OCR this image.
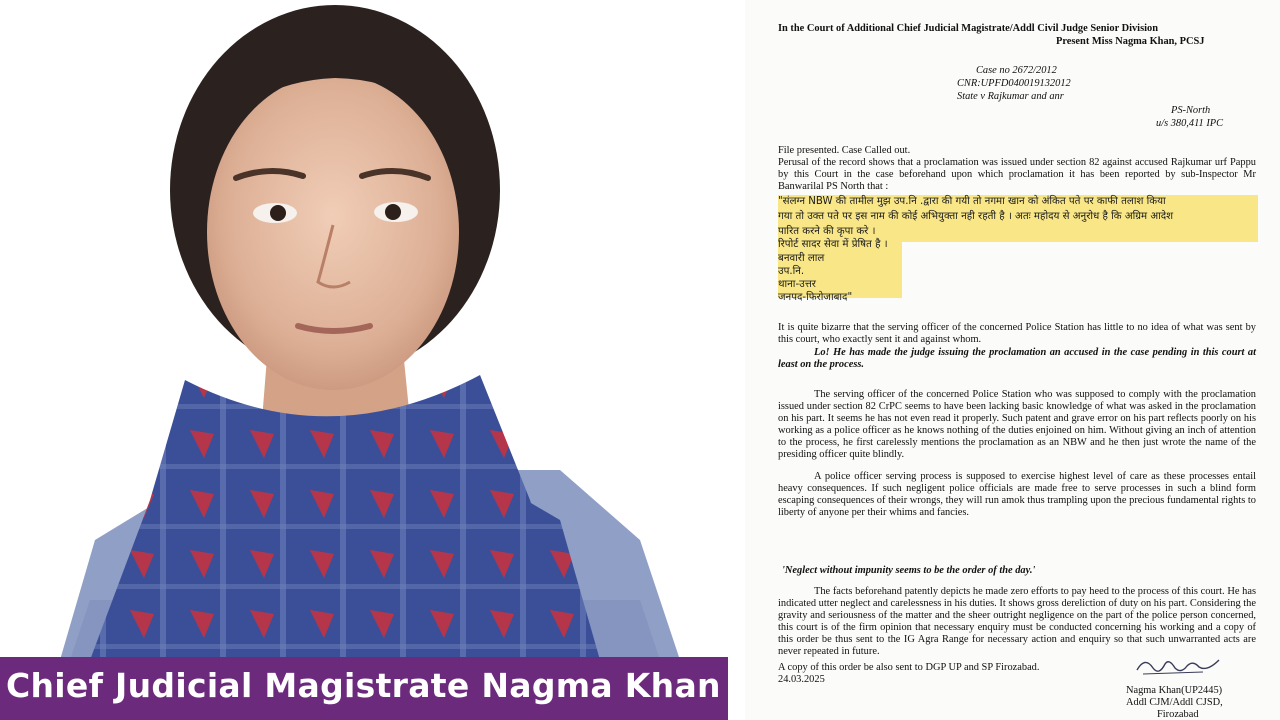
Chief Judicial Magistrate Nagma Khan
In the Court of Additional Chief Judicial Magistrate/Addl Civil Judge Senior Division
Present Miss Nagma Khan, PCSJ
Case no 2672/2012
CNR:UPFD040019132012
State v Rajkumar and anr
PS-North
u/s 380,411 IPC
File presented. Case Called out.
Perusal of the record shows that a proclamation was issued under section 82 against accused Rajkumar urf Pappu by this Court in the case beforehand upon which proclamation it has been reported by sub-Inspector Mr Banwarilal PS North that :
"संलग्न NBW की तामील मुझ उप.नि .द्वारा की गयी तो नगमा खान को अंकित पते पर काफी तलाश किया
गया तो उक्त पते पर इस नाम की कोई अभियुक्ता नही रहती है । अतः महोदय से अनुरोध है कि अग्रिम आदेश
पारित करने की कृपा करे ।
रिपोर्ट सादर सेवा में प्रेषित है ।
बनवारी लाल
उप.नि.
थाना-उत्तर
जनपद-फिरोजाबाद"
It is quite bizarre that the serving officer of the concerned Police Station has little to no idea of what was sent by this court, who exactly sent it and against whom.
Lo! He has made the judge issuing the proclamation an accused in the case pending in this court at least on the process.
The serving officer of the concerned Police Station who was supposed to comply with the proclamation issued under section 82 CrPC seems to have been lacking basic knowledge of what was asked in the proclamation on his part. It seems he has not even read it properly. Such patent and grave error on his part reflects poorly on his working as a police officer as he knows nothing of the duties enjoined on him. Without giving an inch of attention to the process, he first carelessly mentions the proclamation as an NBW and he then just wrote the name of the presiding officer quite blindly.
A police officer serving process is supposed to exercise highest level of care as these processes entail heavy consequences. If such negligent police officials are made free to serve processes in such a blind form escaping consequences of their wrongs, they will run amok thus trampling upon the precious fundamental rights to liberty of anyone per their whims and fancies.
'Neglect without impunity seems to be the order of the day.'
The facts beforehand patently depicts he made zero efforts to pay heed to the process of this court. He has indicated utter neglect and carelessness in his duties. It shows gross dereliction of duty on his part. Considering the gravity and seriousness of the matter and the sheer outright negligence on the part of the police person concerned, this court is of the firm opinion that necessary enquiry must be conducted concerning his working and a copy of this order be thus sent to the IG Agra Range for necessary action and enquiry so that such unwarranted acts are never repeated in future.
A copy of this order be also sent to DGP UP and SP Firozabad.
24.03.2025
Nagma Khan(UP2445)
Addl CJM/Addl CJSD,
Firozabad
